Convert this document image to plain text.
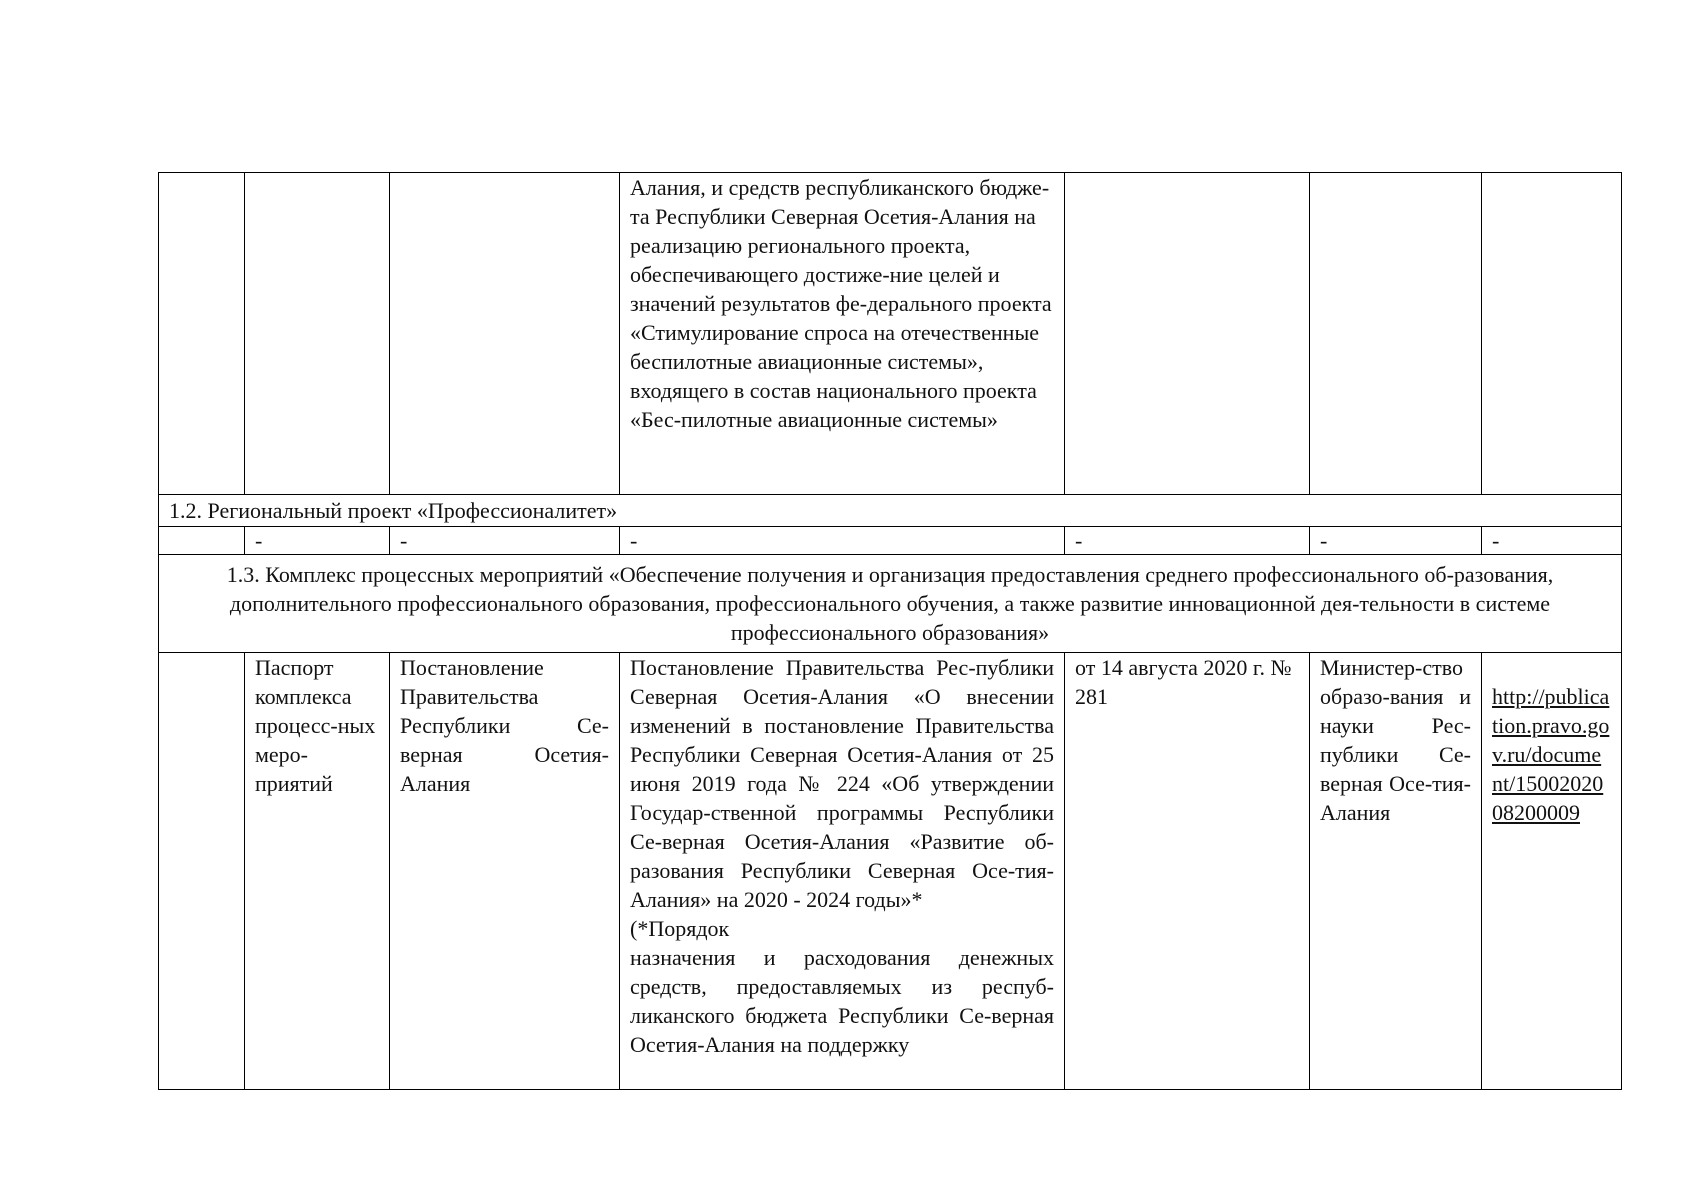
			Алания, и средств республиканского бюдже-
та Республики Северная Осетия-Алания на реализацию регионального проекта, обеспечивающего достиже-ние целей и значений результатов фе-дерального проекта «Стимулирование спроса на отечественные беспилотные авиационные системы», входящего в состав национального проекта «Бес-пилотные авиационные системы»			
1.2. Региональный проект «Профессионалитет»						
	-	-	-	-	-	-
1.3. Комплекс процессных мероприятий «Обеспечение получения и организация предоставления среднего профессионального об-разования, дополнительного профессионального образования, профессионального обучения, а также развитие инновационной дея-тельности в системе профессионального образования»						
	Паспорт комплекса процесс-ных меро-приятий	Постановление Правительства Республики Се-верная Осетия-Алания	Постановление Правительства Рес-публики Северная Осетия-Алания «О внесении изменений в постановление Правительства Республики Северная Осетия-Алания от 25 июня 2019 года № 224 «Об утверждении Государ-ственной программы Республики Се-верная Осетия-Алания «Развитие об-разования Республики Северная Осе-тия-Алания» на 2020 - 2024 годы»*
(*Порядок
назначения и расходования денежных средств, предоставляемых из респуб-ликанского бюджета Республики Се-верная Осетия-Алания на поддержку	от 14 августа 2020 г. № 281	Министер-ство образо-вания и науки Рес-публики Се-верная Осе-тия-Алания	http://publication.pravo.gov.ru/document/1500202008200009
